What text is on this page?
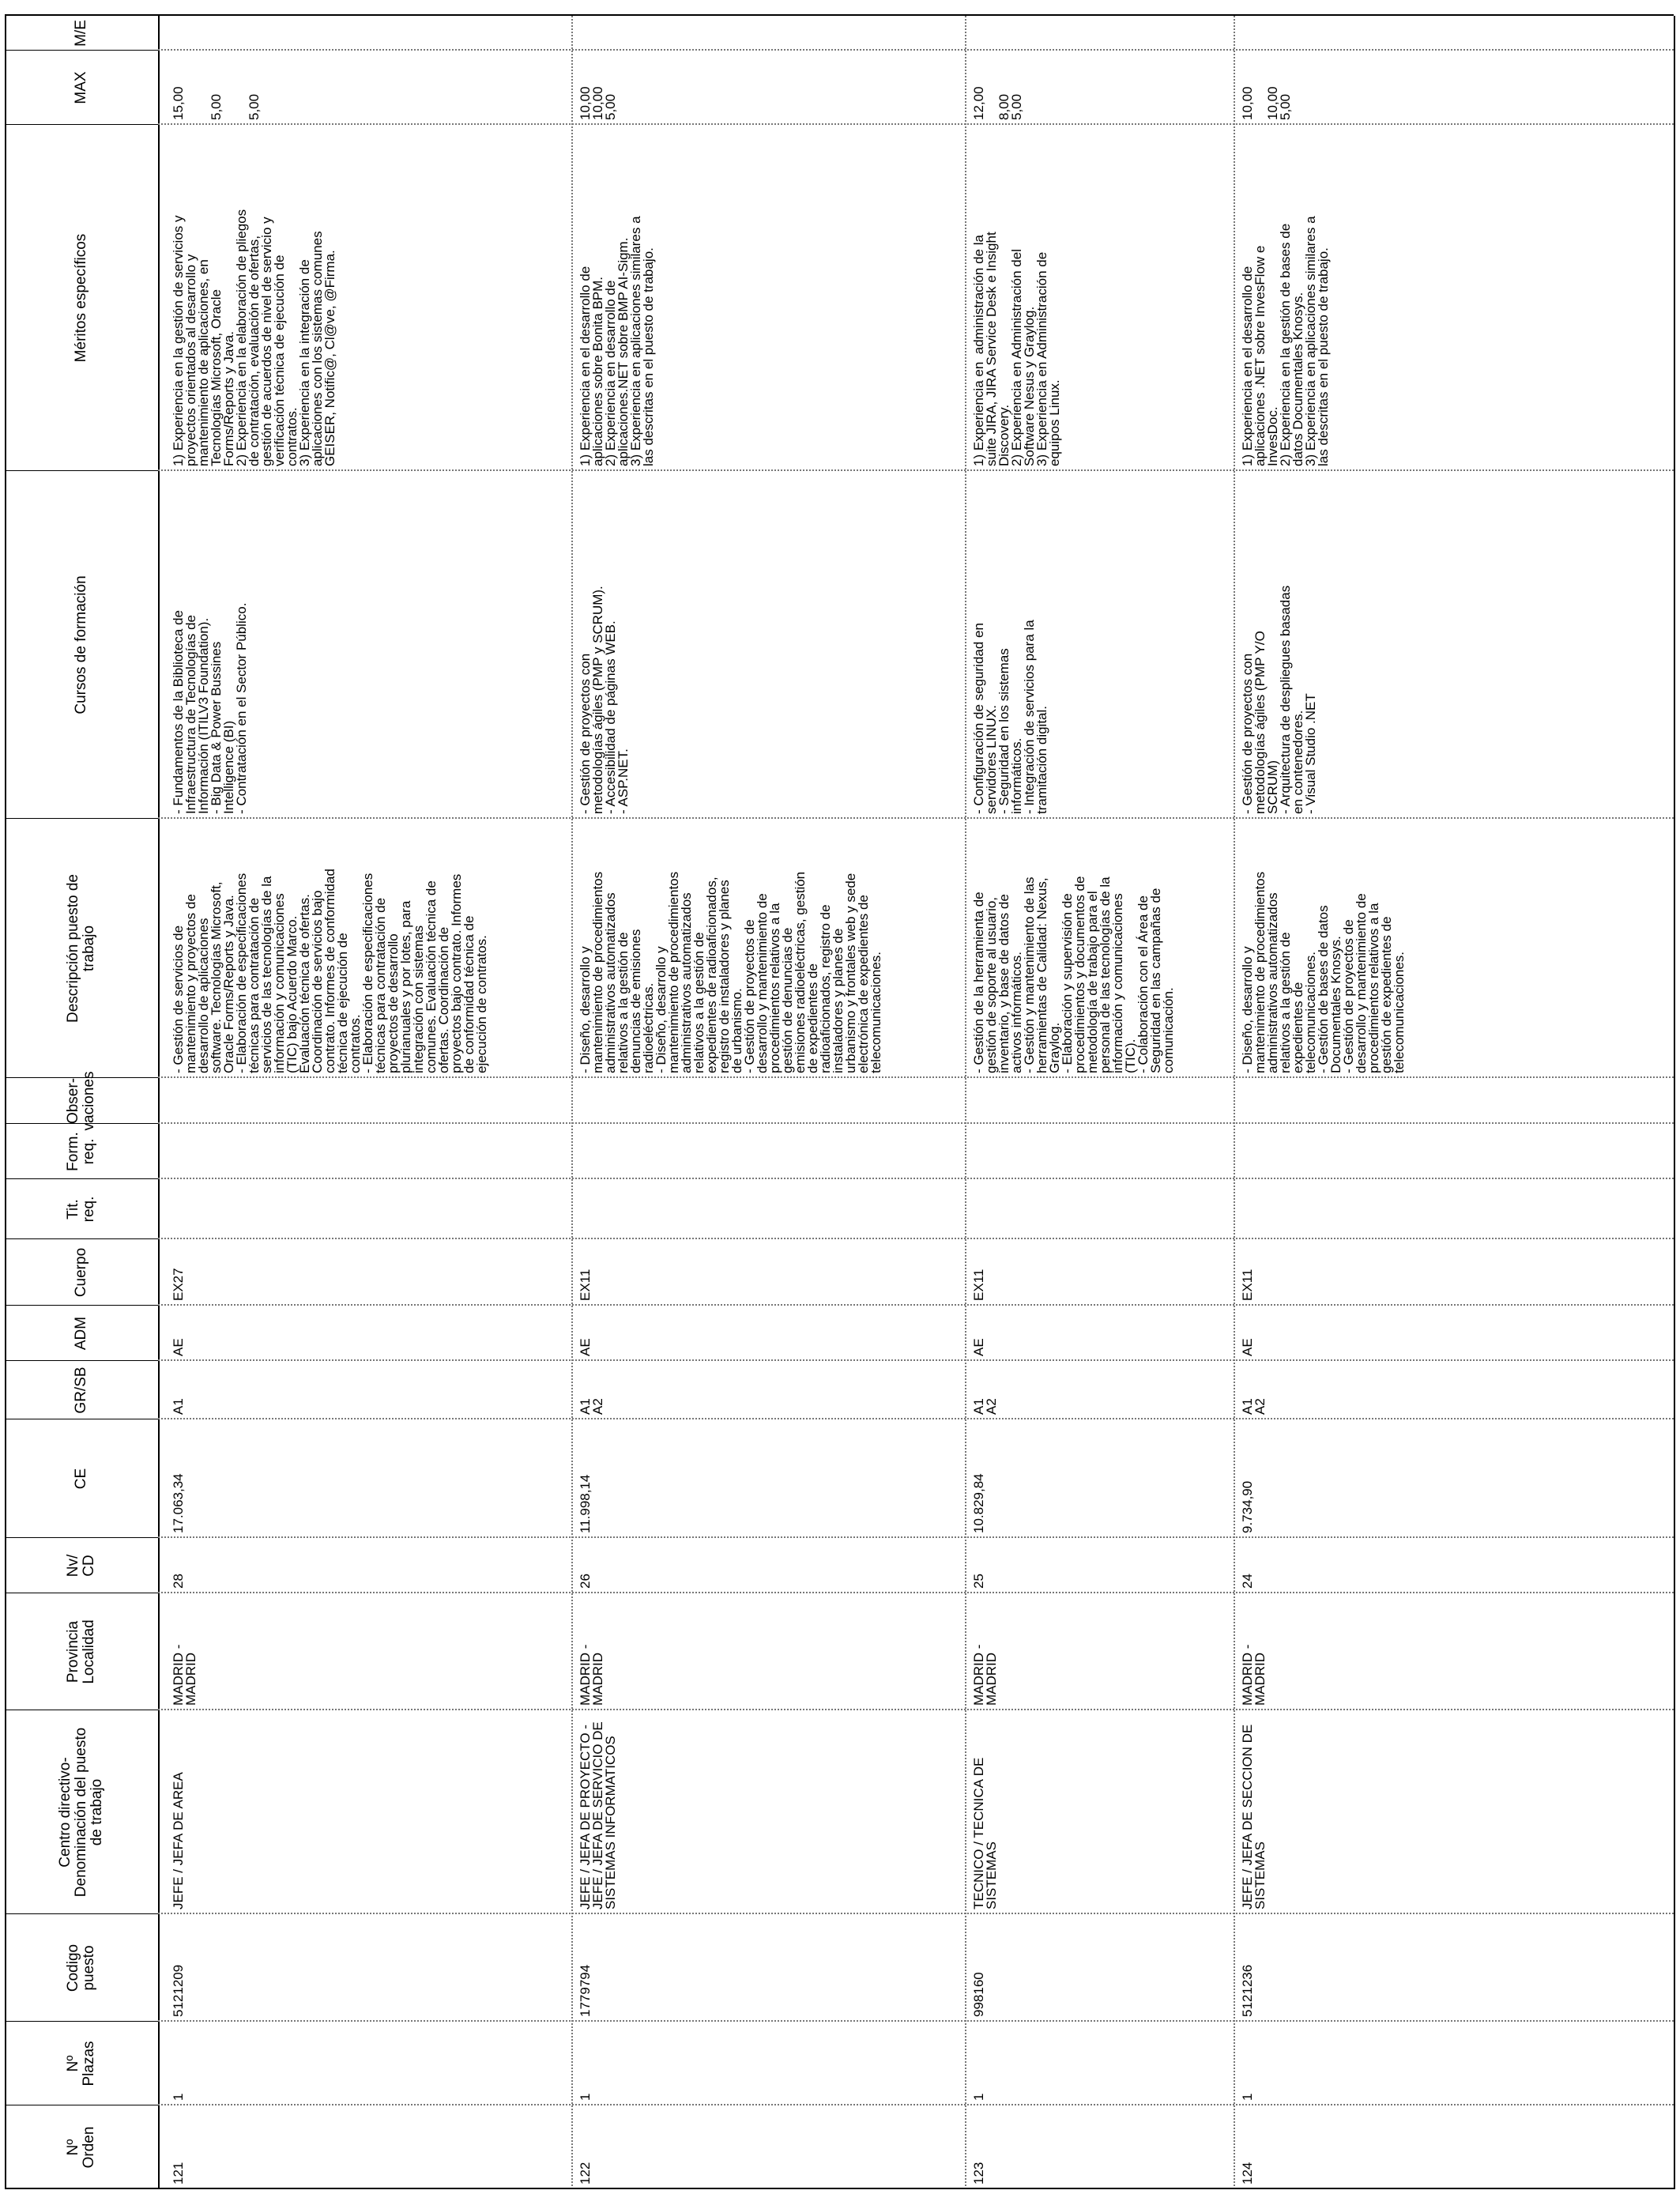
Nº
Orden
Nº
Plazas
Codigo
puesto
Centro directivo-
Denominación del puesto
de trabajo
Provincia
Localidad
Nv/
CD
CE
GR/SB
ADM
Cuerpo
Tit.
req.
Form.
req.
Obser-
vaciones
Descripción puesto de
trabajo
Cursos de formación
Méritos específicos
MAX
M/E
121
1
5121209
JEFE / JEFA DE AREA
MADRID -
MADRID
28
17.063,34
A1
AE
EX27
- Gestión de servicios de
mantenimiento y proyectos de
desarrollo de aplicaciones
software. Tecnologías Microsoft,
Oracle Forms/Reports y Java.
- Elaboración de especificaciones
técnicas para contratación de
servicios de las tecnologías de la
información y comunicaciones
(TIC) bajo Acuerdo Marco.
Evaluación técnica de ofertas.
Coordinación de servicios bajo
contrato. Informes de conformidad
técnica de ejecución de
contratos.
- Elaboración de especificaciones
técnicas para contratación de
proyectos de desarrollo
plurianuales y por lotes, para
integración con sistemas
comunes. Evaluación técnica de
ofertas. Coordinación de
proyectos bajo contrato. Informes
de conformidad técnica de
ejecución de contratos.
- Fundamentos de la Biblioteca de
Infraestructura de Tecnologías de
Información (ITILV3 Foundation).
- Big Data & Power Bussines
Intelligence (BI)
- Contratación en el Sector Público.
1) Experiencia en la gestión de servicios y
proyectos orientados al desarrollo y
mantenimiento de aplicaciones, en
Tecnologías Microsoft, Oracle
Forms/Reports y Java.
2) Experiencia en la elaboración de pliegos
de contratación, evaluación de ofertas,
gestión de acuerdos de nivel de servicio y
verificación técnica de ejecución de
contratos.
3) Experiencia en la integración de
aplicaciones con los sistemas comunes
GEISER, Notific@, Cl@ve, @Firma.
15,00 5,00 5,00
122
1
1779794
JEFE / JEFA DE PROYECTO -
JEFE / JEFA DE SERVICIO DE
SISTEMAS INFORMATICOS
MADRID -
MADRID
26
11.998,14
A1
A2
AE
EX11
- Diseño, desarrollo y
mantenimiento de procedimientos
administrativos automatizados
relativos a la gestión de
denuncias de emisiones
radioeléctricas.
- Diseño, desarrollo y
mantenimiento de procedimientos
administrativos automatizados
relativos a la gestión de
expedientes de radioaficionados,
registro de instaladores y planes
de urbanismo.
- Gestión de proyectos de
desarrollo y mantenimiento de
procedimientos relativos a la
gestión de denuncias de
emisiones radioeléctricas, gestión
de expedientes de
radioaficionados, registro de
instaladores y planes de
urbanismo y frontales web y sede
electrónica de expedientes de
telecomunicaciones.
- Gestión de proyectos con
metodologías ágiles (PMP y SCRUM).
- Accesibilidad de páginas WEB.
- ASP.NET.
1) Experiencia en el desarrollo de
aplicaciones sobre Bonita BPM.
2) Experiencia en desarrollo de
aplicaciones.NET sobre BMP AI-Sigm.
3) Experiencia en aplicaciones similares a
las descritas en el puesto de trabajo.
10,00
10,00
5,00
123
1
998160
TECNICO / TECNICA DE
SISTEMAS
MADRID -
MADRID
25
10.829,84
A1
A2
AE
EX11
- Gestión de la herramienta de
gestión de soporte al usuario,
inventario, y base de datos de
activos informáticos.
- Gestión y mantenimiento de las
herramientas de Calidad: Nexus,
Graylog.
- Elaboración y supervisión de
procedimientos y documentos de
metodología de trabajo para el
personal de las tecnologías de la
información y comunicaciones
(TIC).
- Colaboración con el Área de
Seguridad en las campañas de
comunicación.
- Configuración de seguridad en
servidores LINUX.
- Seguridad en los sistemas
informáticos.
- Integración de servicios para la
tramitación digital.
1) Experiencia en  administración de la
suite JIRA, JIRA Service Desk e Insight
Discovery.
2) Experiencia en Administración del
Software Nesus y Graylog.
3) Experiencia en Administración de
equipos Linux.
12,00 8,00
5,00
124
1
5121236
JEFE / JEFA DE SECCION DE
SISTEMAS
MADRID -
MADRID
24
9.734,90
A1
A2
AE
EX11
- Diseño, desarrollo y
mantenimiento de procedimientos
administrativos automatizados
relativos a la gestión de
expedientes de
telecomunicaciones.
- Gestión de bases de datos
Documentales Knosys.
- Gestión de proyectos de
desarrollo y mantenimiento de
procedimientos relativos a la
gestión de expedientes de
telecomunicaciones.
- Gestión de proyectos con
metodologías ágiles (PMP Y/O
SCRUM)
- Arquitectura de despliegues basadas
en contenedores.
- Visual Studio .NET
1) Experiencia en el desarrollo de
aplicaciones .NET sobre InvesFlow e
InvesDoc.
2) Experiencia en la gestión de bases de
datos Documentales Knosys.
3) Experiencia en aplicaciones similares a
las descritas en el puesto de trabajo.
10,00 10,00
5,00
